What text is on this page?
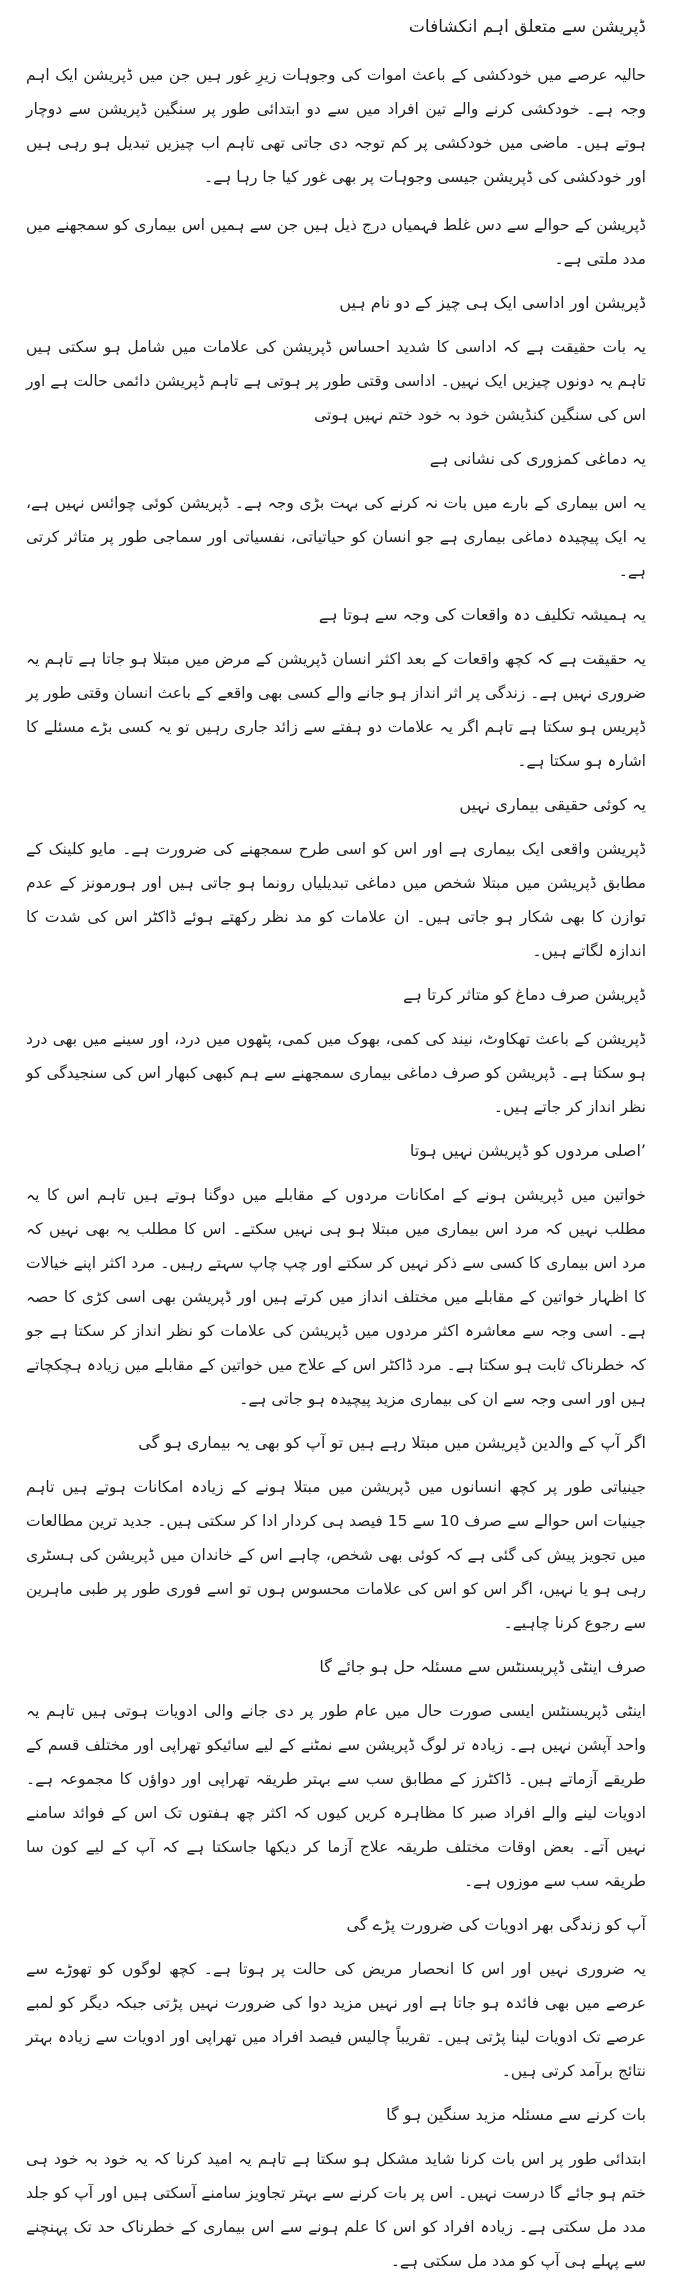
ڈپریشن سے متعلق اہم انکشافات

حالیہ عرصے میں خودکشی کے باعث اموات کی وجوہات زیرِ غور ہیں جن میں ڈپریشن ایک اہم وجہ ہے۔ خودکشی کرنے والے تین افراد میں سے دو ابتدائی طور پر سنگین ڈپریشن سے دوچار ہوتے ہیں۔ ماضی میں خودکشی پر کم توجہ دی جاتی تھی تاہم اب چیزیں تبدیل ہو رہی ہیں اور خودکشی کی ڈپریشن جیسی وجوہات پر بھی غور کیا جا رہا ہے۔

ڈپریشن کے حوالے سے دس غلط فہمیاں درج ذیل ہیں جن سے ہمیں اس بیماری کو سمجھنے میں مدد ملتی ہے۔

ڈپریشن اور اداسی ایک ہی چیز کے دو نام ہیں

یہ بات حقیقت ہے کہ اداسی کا شدید احساس ڈپریشن کی علامات میں شامل ہو سکتی ہیں تاہم یہ دونوں چیزیں ایک نہیں۔ اداسی وقتی طور پر ہوتی ہے تاہم ڈپریشن دائمی حالت ہے اور اس کی سنگین کنڈیشن خود بہ خود ختم نہیں ہوتی

یہ دماغی کمزوری کی نشانی ہے

یہ اس بیماری کے بارے میں بات نہ کرنے کی بہت بڑی وجہ ہے۔ ڈپریشن کوئی چوائس نہیں ہے، یہ ایک پیچیدہ دماغی بیماری ہے جو انسان کو حیاتیاتی، نفسیاتی اور سماجی طور پر متاثر کرتی ہے۔

یہ ہمیشہ تکلیف دہ واقعات کی وجہ سے ہوتا ہے

یہ حقیقت ہے کہ کچھ واقعات کے بعد اکثر انسان ڈپریشن کے مرض میں مبتلا ہو جاتا ہے تاہم یہ ضروری نہیں ہے۔ زندگی پر اثر انداز ہو جانے والے کسی بھی واقعے کے باعث انسان وقتی طور پر ڈپریس ہو سکتا ہے تاہم اگر یہ علامات دو ہفتے سے زائد جاری رہیں تو یہ کسی بڑے مسئلے کا اشارہ ہو سکتا ہے۔

یہ کوئی حقیقی بیماری نہیں

ڈپریشن واقعی ایک بیماری ہے اور اس کو اسی طرح سمجھنے کی ضرورت ہے۔ مایو کلینک کے مطابق ڈپریشن میں مبتلا شخص میں دماغی تبدیلیاں رونما ہو جاتی ہیں اور ہورمونز کے عدم توازن کا بھی شکار ہو جاتی ہیں۔ ان علامات کو مد نظر رکھتے ہوئے ڈاکٹر اس کی شدت کا اندازہ لگاتے ہیں۔

ڈپریشن صرف دماغ کو متاثر کرتا ہے

ڈپریشن کے باعث تھکاوٹ، نیند کی کمی، بھوک میں کمی، پٹھوں میں درد، اور سینے میں بھی درد ہو سکتا ہے۔ ڈپریشن کو صرف دماغی بیماری سمجھنے سے ہم کبھی کبھار اس کی سنجیدگی کو نظر انداز کر جاتے ہیں۔

’اصلی مردوں کو ڈپریشن نہیں ہوتا

خواتین میں ڈپریشن ہونے کے امکانات مردوں کے مقابلے میں دوگنا ہوتے ہیں تاہم اس کا یہ مطلب نہیں کہ مرد اس بیماری میں مبتلا ہو ہی نہیں سکتے۔ اس کا مطلب یہ بھی نہیں کہ مرد اس بیماری کا کسی سے ذکر نہیں کر سکتے اور چپ چاپ سہتے رہیں۔ مرد اکثر اپنے خیالات کا اظہار خواتین کے مقابلے میں مختلف انداز میں کرتے ہیں اور ڈپریشن بھی اسی کڑی کا حصہ ہے۔ اسی وجہ سے معاشرہ اکثر مردوں میں ڈپریشن کی علامات کو نظر انداز کر سکتا ہے جو کہ خطرناک ثابت ہو سکتا ہے۔ مرد ڈاکٹر اس کے علاج میں خواتین کے مقابلے میں زیادہ ہچکچاتے ہیں اور اسی وجہ سے ان کی بیماری مزید پیچیدہ ہو جاتی ہے۔

اگر آپ کے والدین ڈپریشن میں مبتلا رہے ہیں تو آپ کو بھی یہ بیماری ہو گی

جینیاتی طور پر کچھ انسانوں میں ڈپریشن میں مبتلا ہونے کے زیادہ امکانات ہوتے ہیں تاہم جینیات اس حوالے سے صرف 10 سے 15 فیصد ہی کردار ادا کر سکتی ہیں۔ جدید ترین مطالعات میں تجویز پیش کی گئی ہے کہ کوئی بھی شخص، چاہے اس کے خاندان میں ڈپریشن کی ہسٹری رہی ہو یا نہیں، اگر اس کو اس کی علامات محسوس ہوں تو اسے فوری طور پر طبی ماہرین سے رجوع کرنا چاہیے۔

صرف اینٹی ڈپریسنٹس سے مسئلہ حل ہو جائے گا

اینٹی ڈپریسنٹس ایسی صورت حال میں عام طور پر دی جانے والی ادویات ہوتی ہیں تاہم یہ واحد آپشن نہیں ہے۔ زیادہ تر لوگ ڈپریشن سے نمٹنے کے لیے سائیکو تھراپی اور مختلف قسم کے طریقے آزماتے ہیں۔ ڈاکٹرز کے مطابق سب سے بہتر طریقہ تھراپی اور دواؤں کا مجموعہ ہے۔ ادویات لینے والے افراد صبر کا مظاہرہ کریں کیوں کہ اکثر چھ ہفتوں تک اس کے فوائد سامنے نہیں آتے۔ بعض اوقات مختلف طریقہ علاج آزما کر دیکھا جاسکتا ہے کہ آپ کے لیے کون سا طریقہ سب سے موزوں ہے۔

آپ کو زندگی بھر ادویات کی ضرورت پڑے گی

یہ ضروری نہیں اور اس کا انحصار مریض کی حالت پر ہوتا ہے۔ کچھ لوگوں کو تھوڑے سے عرصے میں بھی فائدہ ہو جاتا ہے اور نہیں مزید دوا کی ضرورت نہیں پڑتی جبکہ دیگر کو لمبے عرصے تک ادویات لینا پڑتی ہیں۔ تقریباً چالیس فیصد افراد میں تھراپی اور ادویات سے زیادہ بہتر نتائج برآمد کرتی ہیں۔

بات کرنے سے مسئلہ مزید سنگین ہو گا

ابتدائی طور پر اس بات کرنا شاید مشکل ہو سکتا ہے تاہم یہ امید کرنا کہ یہ خود بہ خود ہی ختم ہو جائے گا درست نہیں۔ اس پر بات کرنے سے بہتر تجاویز سامنے آسکتی ہیں اور آپ کو جلد مدد مل سکتی ہے۔ زیادہ افراد کو اس کا علم ہونے سے اس بیماری کے خطرناک حد تک پہنچنے سے پہلے ہی آپ کو مدد مل سکتی ہے۔
